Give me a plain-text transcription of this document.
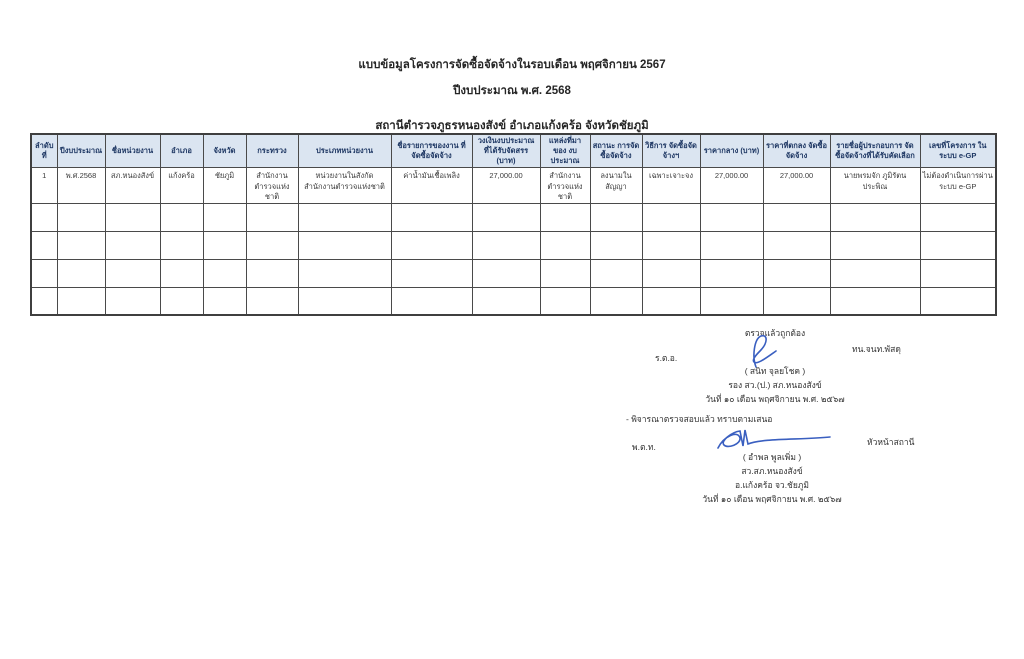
แบบข้อมูลโครงการจัดซื้อจัดจ้างในรอบเดือน พฤศจิกายน 2567
ปีงบประมาณ พ.ศ. 2568
สถานีตำรวจภูธรหนองสังข์ อำเภอแก้งคร้อ จังหวัดชัยภูมิ
ลำดับที่	ปีงบประมาณ	ชื่อหน่วยงาน	อำเภอ	จังหวัด	กระทรวง	ประเภทหน่วยงาน	ชื่อรายการของงาน ที่จัดซื้อจัดจ้าง	วงเงินงบประมาณ ที่ได้รับจัดสรร (บาท)	แหล่งที่มาของ งบประมาณ	สถานะ การจัดซื้อจัดจ้าง	วิธีการ จัดซื้อจัดจ้างฯ	ราคากลาง (บาท)	ราคาที่ตกลง จัดซื้อจัดจ้าง	รายชื่อผู้ประกอบการ จัดซื้อจัดจ้างที่ได้รับคัดเลือก	เลขที่โครงการ ในระบบ e-GP
1	พ.ศ.2568	สภ.หนองสังข์	แก้งคร้อ	ชัยภูมิ	สำนักงานตำรวจแห่งชาติ	หน่วยงานในสังกัดสำนักงานตำรวจแห่งชาติ	ค่าน้ำมันเชื้อเพลิง	27,000.00	สำนักงานตำรวจแห่งชาติ	ลงนามในสัญญา	เฉพาะเจาะจง	27,000.00	27,000.00	นายพรมจัก ภูมิรัตนประพิณ	ไม่ต้องดำเนินการผ่านระบบ e-GP

ตรวจแล้วถูกต้อง
ร.ต.อ.
ทน.จนท.พัสดุ
( สนิท จุลยโชค )
รอง สว.(ป.) สภ.หนองสังข์
วันที่ ๑๐ เดือน พฤศจิกายน พ.ศ. ๒๕๖๗
- พิจารณาตรวจสอบแล้ว ทราบตามเสนอ
พ.ต.ท.	หัวหน้าสถานี
( อำพล พูลเพิ่ม )
สว.สภ.หนองสังข์
อ.แก้งคร้อ จว.ชัยภูมิ
วันที่ ๑๐ เดือน พฤศจิกายน พ.ศ. ๒๕๖๗
